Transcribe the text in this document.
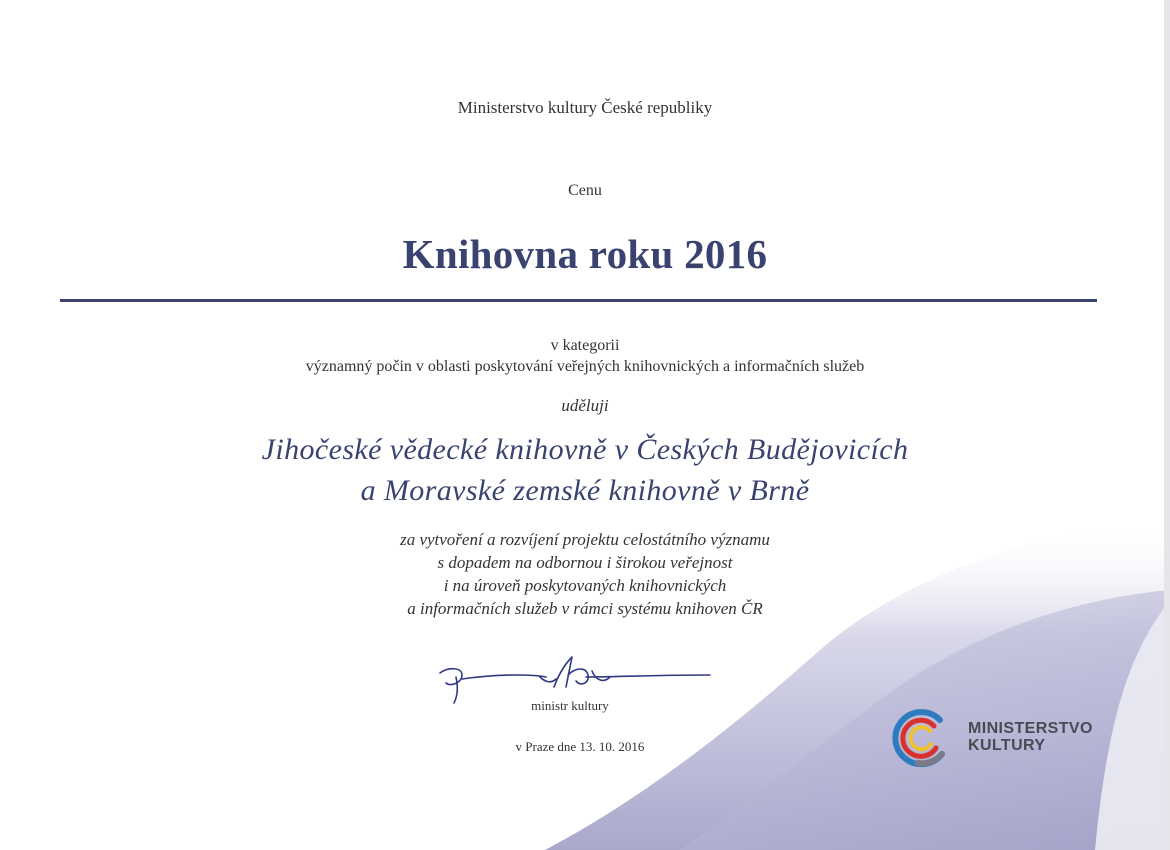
Ministerstvo kultury České republiky
Cenu
Knihovna roku 2016
v kategorii
významný počin v oblasti poskytování veřejných knihovnických a informačních služeb
uděluji
Jihočeské vědecké knihovně v Českých Budějovicích
a Moravské zemské knihovně v Brně
za vytvoření a rozvíjení projektu celostátního významu
s dopadem na odbornou i širokou veřejnost
i na úroveň poskytovaných knihovnických
a informačních služeb v rámci systému knihoven ČR
ministr kultury
v Praze dne 13. 10. 2016
MINISTERSTVO
KULTURY
